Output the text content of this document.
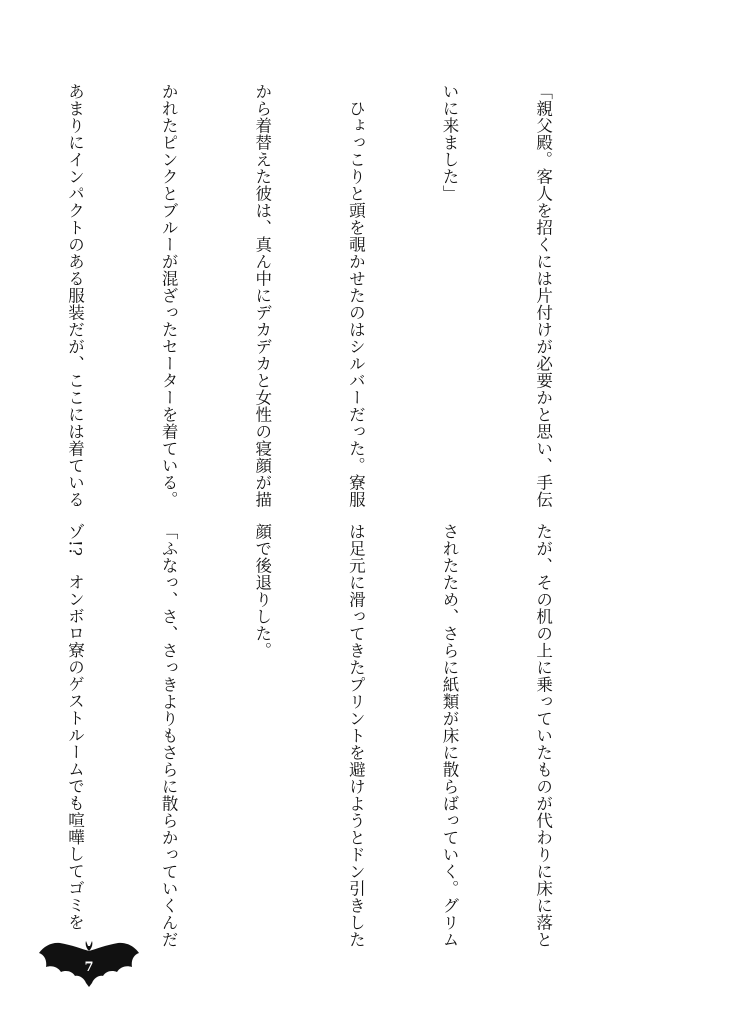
「親父殿。客人を招くには片付けが必要かと思い、手伝

いに来ました」

　ひょっこりと頭を覗かせたのはシルバーだった。寮服

から着替えた彼は、真ん中にデカデカと女性の寝顔が描

かれたピンクとブルーが混ざったセーターを着ている。

あまりにインパクトのある服装だが、ここには着ている

たが、その机の上に乗っていたものが代わりに床に落と

されたため、さらに紙類が床に散らばっていく。グリム

は足元に滑ってきたプリントを避けようとドン引きした

顔で後退りした。

「ふなっ、さ、さっきよりもさらに散らかっていくんだ

ゾ!?　オンボロ寮のゲストルームでも喧嘩してゴミを

7
